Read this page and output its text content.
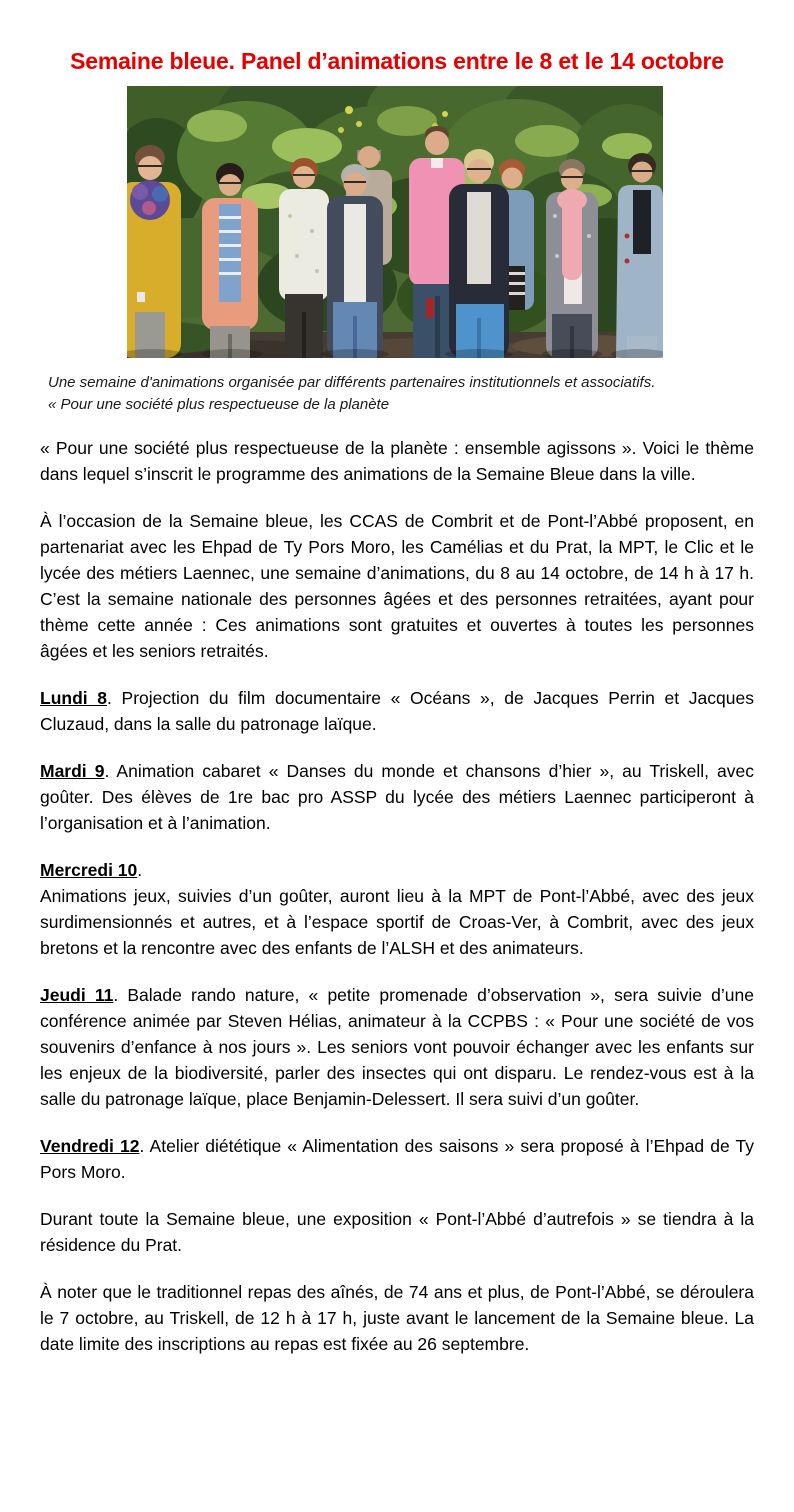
Semaine bleue. Panel d’animations entre le 8 et le 14 octobre

Une semaine d'animations organisée par différents partenaires institutionnels et associatifs.
« Pour une société plus respectueuse de la planète

« Pour une société plus respectueuse de la planète : ensemble agissons ». Voici le thème dans lequel s’inscrit le programme des animations de la Semaine Bleue dans la ville.

À l’occasion de la Semaine bleue, les CCAS de Combrit et de Pont-l’Abbé proposent, en partenariat avec les Ehpad de Ty Pors Moro, les Camélias et du Prat, la MPT, le Clic et le lycée des métiers Laennec, une semaine d’animations, du 8 au 14 octobre, de 14 h à 17 h. C’est la semaine nationale des personnes âgées et des personnes retraitées, ayant pour thème cette année : Ces animations sont gratuites et ouvertes à toutes les personnes âgées et les seniors retraités.

Lundi 8. Projection du film documentaire « Océans », de Jacques Perrin et Jacques Cluzaud, dans la salle du patronage laïque.

Mardi 9. Animation cabaret « Danses du monde et chansons d’hier », au Triskell, avec goûter. Des élèves de 1re bac pro ASSP du lycée des métiers Laennec participeront à l’organisation et à l’animation.

Mercredi 10.
Animations jeux, suivies d’un goûter, auront lieu à la MPT de Pont-l’Abbé, avec des jeux surdimensionnés et autres, et à l’espace sportif de Croas-Ver, à Combrit, avec des jeux bretons et la rencontre avec des enfants de l’ALSH et des animateurs.

Jeudi 11. Balade rando nature, « petite promenade d’observation », sera suivie d’une conférence animée par Steven Hélias, animateur à la CCPBS : « Pour une société de vos souvenirs d’enfance à nos jours ». Les seniors vont pouvoir échanger avec les enfants sur les enjeux de la biodiversité, parler des insectes qui ont disparu. Le rendez-vous est à la salle du patronage laïque, place Benjamin-Delessert. Il sera suivi d’un goûter.

Vendredi 12. Atelier diététique « Alimentation des saisons » sera proposé à l’Ehpad de Ty Pors Moro.

Durant toute la Semaine bleue, une exposition « Pont-l’Abbé d’autrefois » se tiendra à la résidence du Prat.

À noter que le traditionnel repas des aînés, de 74 ans et plus, de Pont-l’Abbé, se déroulera le 7 octobre, au Triskell, de 12 h à 17 h, juste avant le lancement de la Semaine bleue. La date limite des inscriptions au repas est fixée au 26 septembre.
